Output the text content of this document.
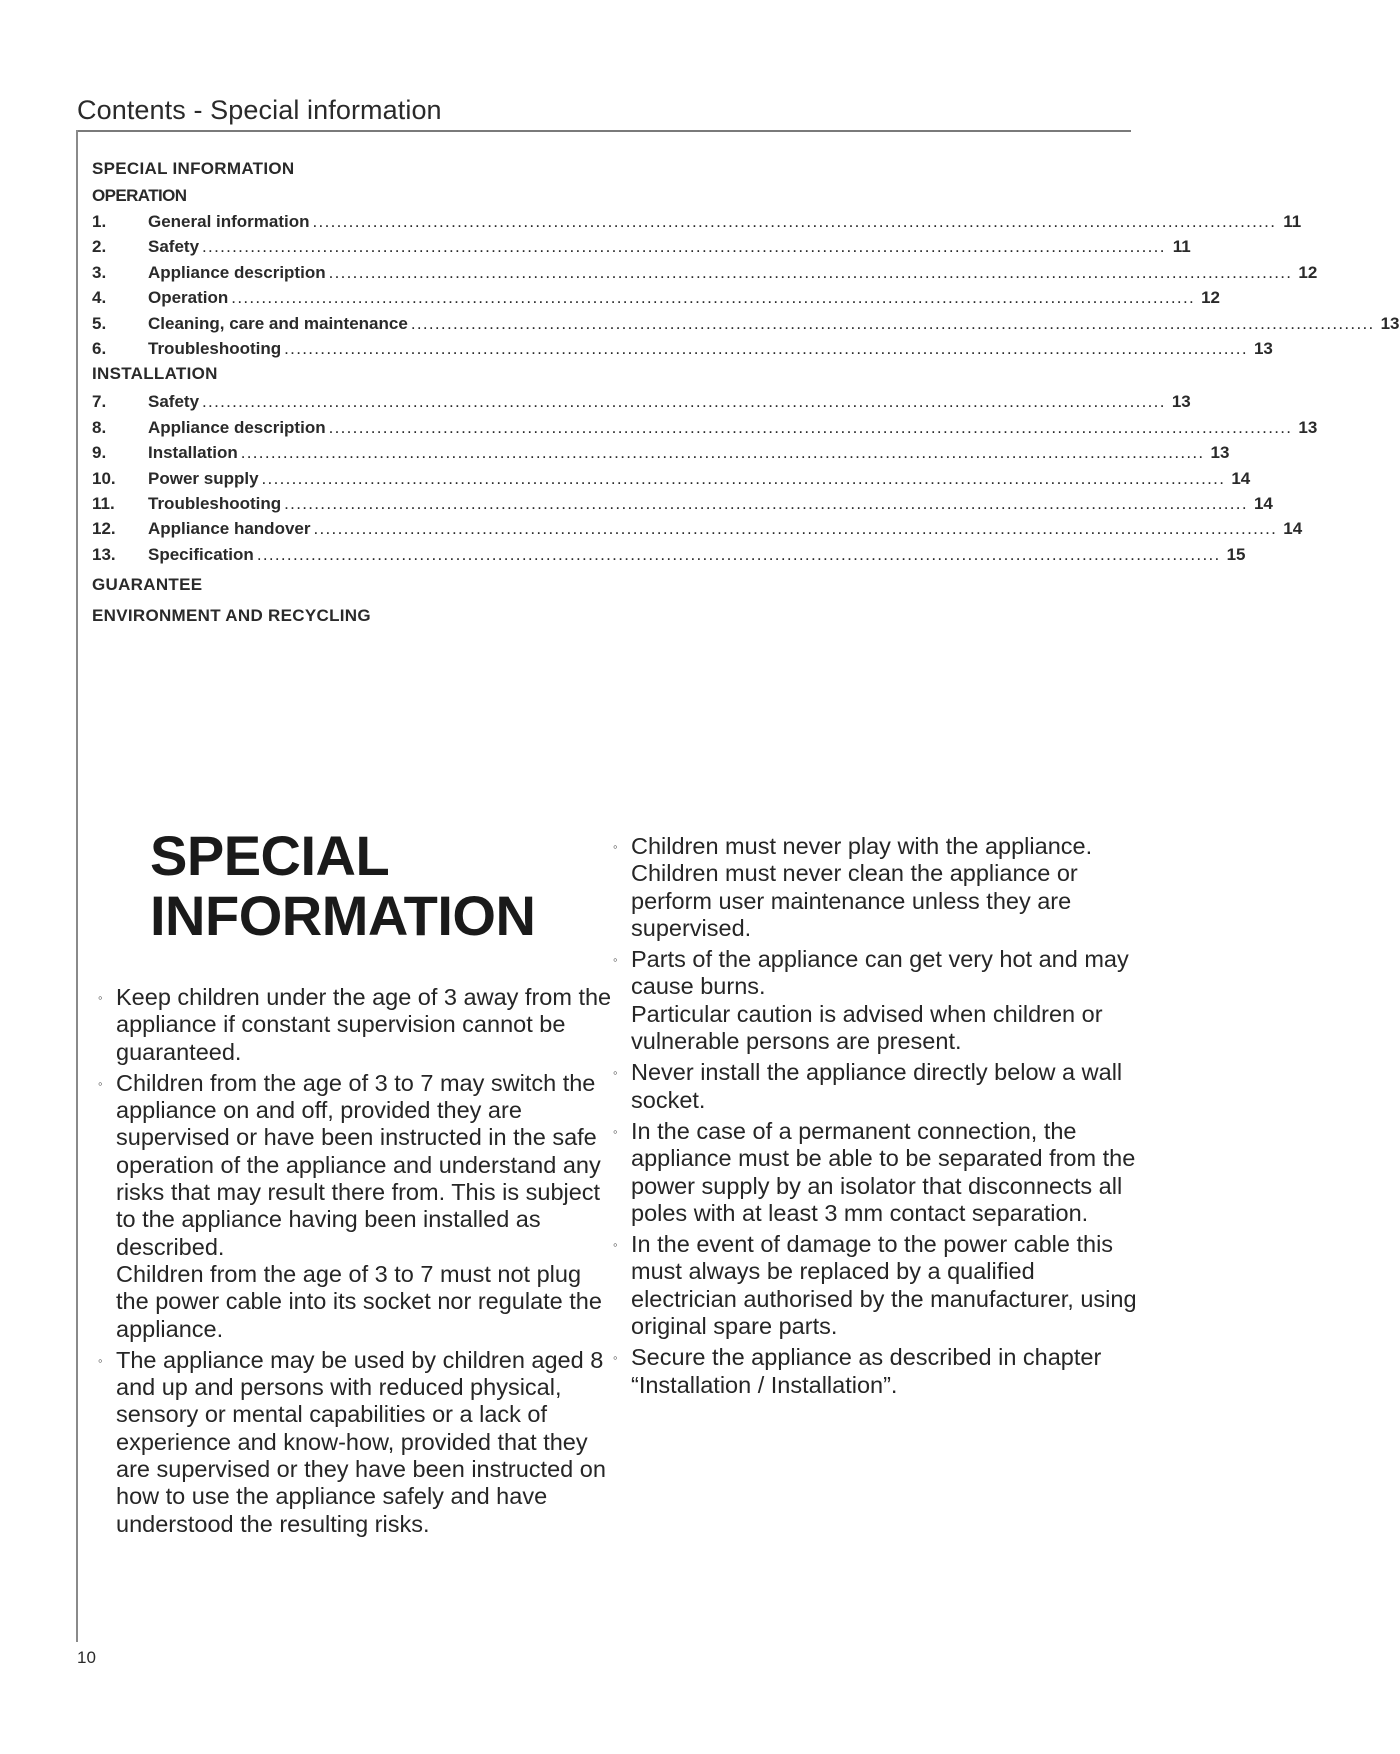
Contents - Special information
SPECIAL INFORMATION
OPERATION
1.	General information ................................................................................................................................................................ 11
2.	Safety ................................................................................................................................................................ 11
3.	Appliance description ................................................................................................................................................................ 12
4.	Operation ................................................................................................................................................................ 12
5.	Cleaning, care and maintenance ................................................................................................................................................................ 13
6.	Troubleshooting ................................................................................................................................................................ 13
INSTALLATION
7.	Safety ................................................................................................................................................................ 13
8.	Appliance description ................................................................................................................................................................ 13
9.	Installation ................................................................................................................................................................ 13
10.	Power supply ................................................................................................................................................................ 14
11.	Troubleshooting ................................................................................................................................................................ 14
12.	Appliance handover ................................................................................................................................................................ 14
13.	Specification ................................................................................................................................................................ 15
GUARANTEE
ENVIRONMENT AND RECYCLING
SPECIAL
INFORMATION
◦ Keep children under the age of 3 away from the appliance if constant supervision cannot be guaranteed.

◦ Children from the age of 3 to 7 may switch the appliance on and off, provided they are supervised or have been instructed in the safe operation of the appliance and understand any risks that may result there from. This is subject to the appliance having been installed as described.

Children from the age of 3 to 7 must not plug the power cable into its socket nor regulate the appliance.

◦ The appliance may be used by children aged 8 and up and persons with reduced physical, sensory or mental capabilities or a lack of experience and know-how, provided that they are supervised or they have been instructed on how to use the appliance safely and have understood the resulting risks.

◦ Children must never play with the appliance. Children must never clean the appliance or perform user maintenance unless they are supervised.

◦ Parts of the appliance can get very hot and may cause burns.

Particular caution is advised when children or vulnerable persons are present.

◦ Never install the appliance directly below a wall socket.

◦ In the case of a permanent connection, the appliance must be able to be separated from the power supply by an isolator that disconnects all poles with at least 3 mm contact separation.

◦ In the event of damage to the power cable this must always be replaced by a qualified electrician authorised by the manufacturer, using original spare parts.

◦ Secure the appliance as described in chapter “Installation / Installation”.

10
